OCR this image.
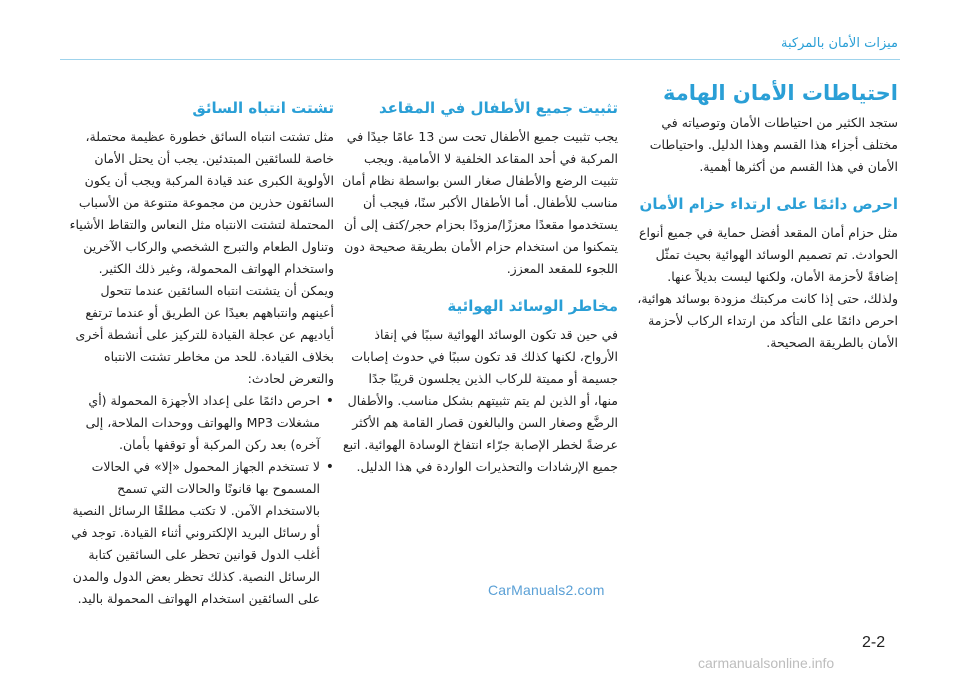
ميزات الأمان بالمركبة
احتياطات الأمان الهامة

ستجد الكثير من احتياطات الأمان وتوصياته في مختلف أجزاء هذا القسم وهذا الدليل. واحتياطات الأمان في هذا القسم من أكثرها أهمية.

احرص دائمًا على ارتداء حزام الأمان

مثل حزام أمان المقعد أفضل حماية في جميع أنواع الحوادث. تم تصميم الوسائد الهوائية بحيث تمثّل إضافةً لأحزمة الأمان، ولكنها ليست بديلاً عنها. ولذلك، حتى إذا كانت مركبتك مزودة بوسائد هوائية، احرص دائمًا على التأكد من ارتداء الركاب لأحزمة الأمان بالطريقة الصحيحة.

تثبيت جميع الأطفال في المقاعد

يجب تثبيت جميع الأطفال تحت سن 13 عامًا جيدًا في المركبة في أحد المقاعد الخلفية لا الأمامية. ويجب تثبيت الرضع والأطفال صغار السن بواسطة نظام أمان مناسب للأطفال. أما الأطفال الأكبر سنًا، فيجب أن يستخدموا مقعدًا معززًا/مزودًا بحزام حجر/كتف إلى أن يتمكنوا من استخدام حزام الأمان بطريقة صحيحة دون اللجوء للمقعد المعزز.

مخاطر الوسائد الهوائية

في حين قد تكون الوسائد الهوائية سببًا في إنقاذ الأرواح، لكنها كذلك قد تكون سببًا في حدوث إصابات جسيمة أو مميتة للركاب الذين يجلسون قريبًا جدًا منها، أو الذين لم يتم تثبيتهم بشكل مناسب. والأطفال الرضَّع وصغار السن والبالغون قصار القامة هم الأكثر عرضةً لخطر الإصابة جرّاء انتفاخ الوسادة الهوائية. اتبع جميع الإرشادات والتحذيرات الواردة في هذا الدليل.

تشتت انتباه السائق

مثل تشتت انتباه السائق خطورة عظيمة محتملة، خاصة للسائقين المبتدئين. يجب أن يحتل الأمان الأولوية الكبرى عند قيادة المركبة ويجب أن يكون السائقون حذرين من مجموعة متنوعة من الأسباب المحتملة لتشتت الانتباه مثل النعاس والتقاط الأشياء وتناول الطعام والتبرج الشخصي والركاب الآخرين واستخدام الهواتف المحمولة، وغير ذلك الكثير. ويمكن أن يتشتت انتباه السائقين عندما تتحول أعينهم وانتباههم بعيدًا عن الطريق أو عندما ترتفع أياديهم عن عجلة القيادة للتركيز على أنشطة أخرى بخلاف القيادة. للحد من مخاطر تشتت الانتباه والتعرض لحادث:

• احرص دائمًا على إعداد الأجهزة المحمولة (أي مشغلات MP3 والهواتف ووحدات الملاحة، إلى آخره) بعد ركن المركبة أو توقفها بأمان.
• لا تستخدم الجهاز المحمول «إلا» في الحالات المسموح بها قانونًا والحالات التي تسمح بالاستخدام الآمن. لا تكتب مطلقًا الرسائل النصية أو رسائل البريد الإلكتروني أثناء القيادة. توجد في أغلب الدول قوانين تحظر على السائقين كتابة الرسائل النصية. كذلك تحظر بعض الدول والمدن على السائقين استخدام الهواتف المحمولة باليد.
CarManuals2.com
2-2
carmanualsonline.info
